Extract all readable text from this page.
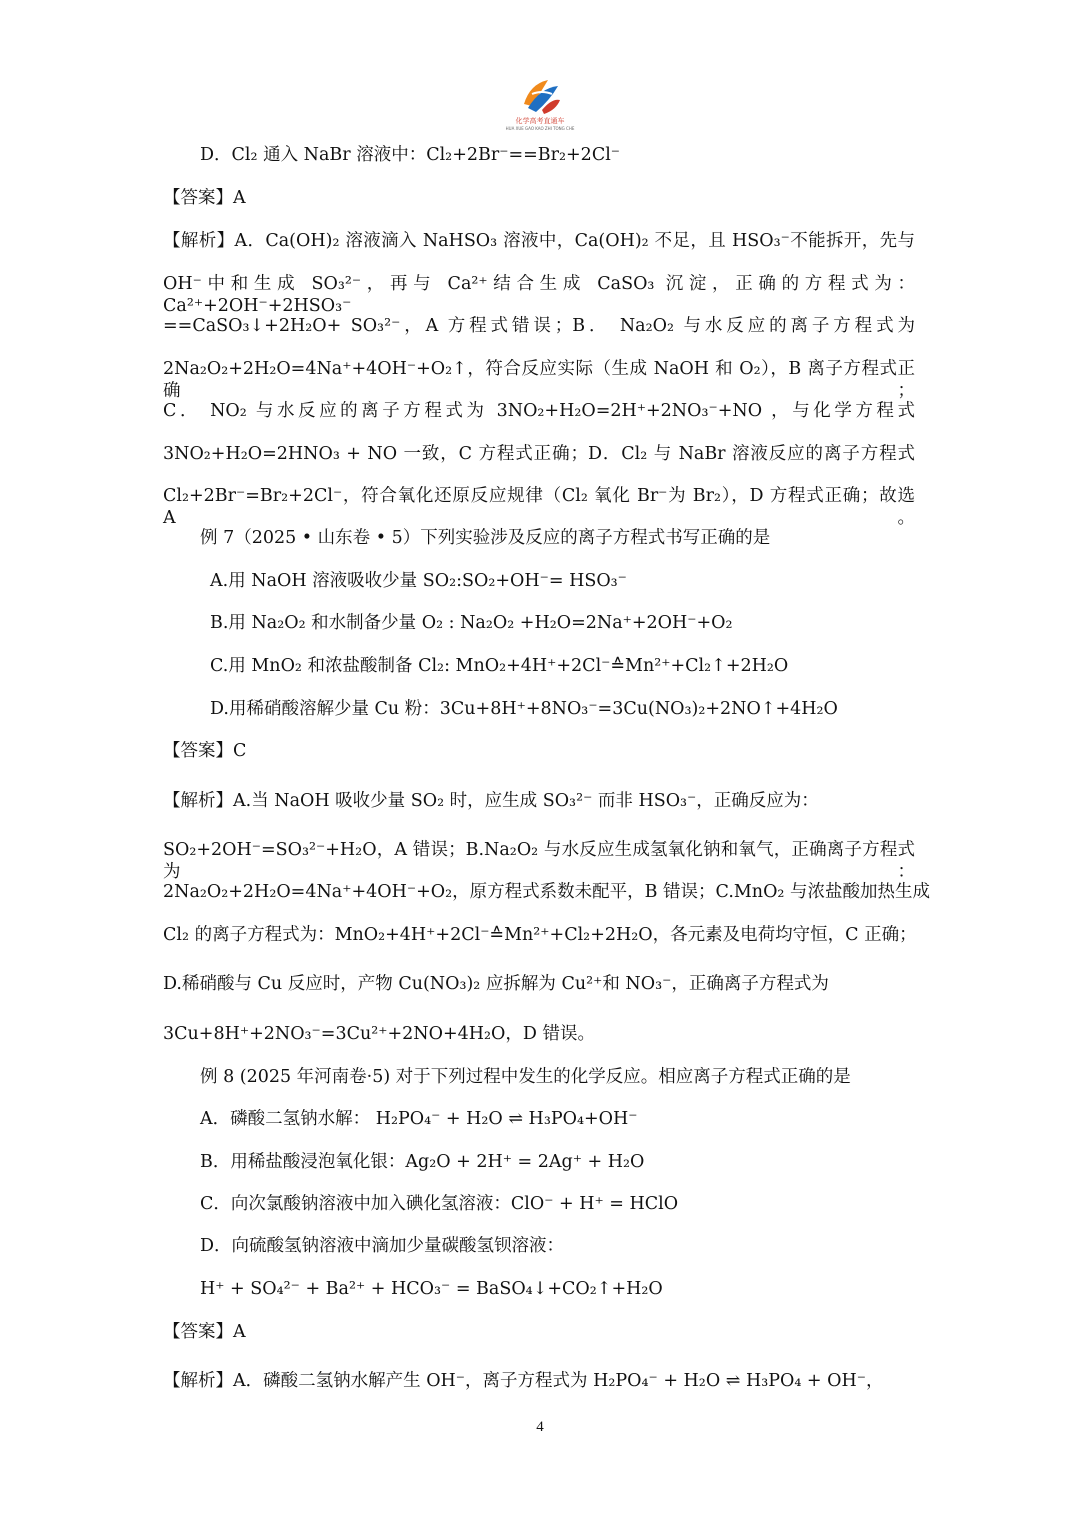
化学高考直通车
HUA XUE GAO KAO ZHI TONG CHE
D．Cl₂ 通入 NaBr 溶液中：Cl₂+2Br⁻==Br₂+2Cl⁻
【答案】A
【解析】A．Ca(OH)₂ 溶液滴入 NaHSO₃ 溶液中，Ca(OH)₂ 不足，且 HSO₃⁻不能拆开，先与
OH⁻中和生成 SO₃²⁻，再与 Ca²⁺结合生成 CaSO₃ 沉淀，正确的方程式为：Ca²⁺+2OH⁻+2HSO₃⁻
==CaSO₃↓+2H₂O+ SO₃²⁻，A 方程式错误；B． Na₂O₂ 与水反应的离子方程式为
2Na₂O₂+2H₂O=4Na⁺+4OH⁻+O₂↑，符合反应实际（生成 NaOH 和 O₂），B 离子方程式正确；
C． NO₂ 与水反应的离子方程式为 3NO₂+H₂O=2H⁺+2NO₃⁻+NO ，与化学方程式
3NO₂+H₂O=2HNO₃ + NO 一致，C 方程式正确；D．Cl₂ 与 NaBr 溶液反应的离子方程式
Cl₂+2Br⁻=Br₂+2Cl⁻，符合氧化还原反应规律（Cl₂ 氧化 Br⁻为 Br₂），D 方程式正确；故选 A。
例 7（2025 • 山东卷 • 5）下列实验涉及反应的离子方程式书写正确的是
A.用 NaOH 溶液吸收少量 SO₂:SO₂+OH⁻= HSO₃⁻
B.用 Na₂O₂ 和水制备少量 O₂ : Na₂O₂ +H₂O=2Na⁺+2OH⁻+O₂
C.用 MnO₂ 和浓盐酸制备 Cl₂: MnO₂+4H⁺+2Cl⁻≙Mn²⁺+Cl₂↑+2H₂O
D.用稀硝酸溶解少量 Cu 粉：3Cu+8H⁺+8NO₃⁻=3Cu(NO₃)₂+2NO↑+4H₂O
【答案】C
【解析】A.当 NaOH 吸收少量 SO₂ 时，应生成 SO₃²⁻ 而非 HSO₃⁻，正确反应为：
SO₂+2OH⁻=SO₃²⁻+H₂O，A 错误；B.Na₂O₂ 与水反应生成氢氧化钠和氧气，正确离子方程式为：
2Na₂O₂+2H₂O=4Na⁺+4OH⁻+O₂，原方程式系数未配平，B 错误；C.MnO₂ 与浓盐酸加热生成
Cl₂ 的离子方程式为：MnO₂+4H⁺+2Cl⁻≙Mn²⁺+Cl₂+2H₂O，各元素及电荷均守恒，C 正确；
D.稀硝酸与 Cu 反应时，产物 Cu(NO₃)₂ 应拆解为 Cu²⁺和 NO₃⁻，正确离子方程式为
3Cu+8H⁺+2NO₃⁻=3Cu²⁺+2NO+4H₂O，D 错误。
例 8 (2025 年河南卷·5) 对于下列过程中发生的化学反应。相应离子方程式正确的是
A．磷酸二氢钠水解： H₂PO₄⁻ + H₂O ⇌ H₃PO₄+OH⁻
B．用稀盐酸浸泡氧化银：Ag₂O + 2H⁺ = 2Ag⁺ + H₂O
C．向次氯酸钠溶液中加入碘化氢溶液：ClO⁻ + H⁺ = HClO
D．向硫酸氢钠溶液中滴加少量碳酸氢钡溶液：
H⁺ + SO₄²⁻ + Ba²⁺ + HCO₃⁻ = BaSO₄↓+CO₂↑+H₂O
【答案】A
【解析】A．磷酸二氢钠水解产生 OH⁻，离子方程式为 H₂PO₄⁻ + H₂O ⇌ H₃PO₄ + OH⁻，
4
